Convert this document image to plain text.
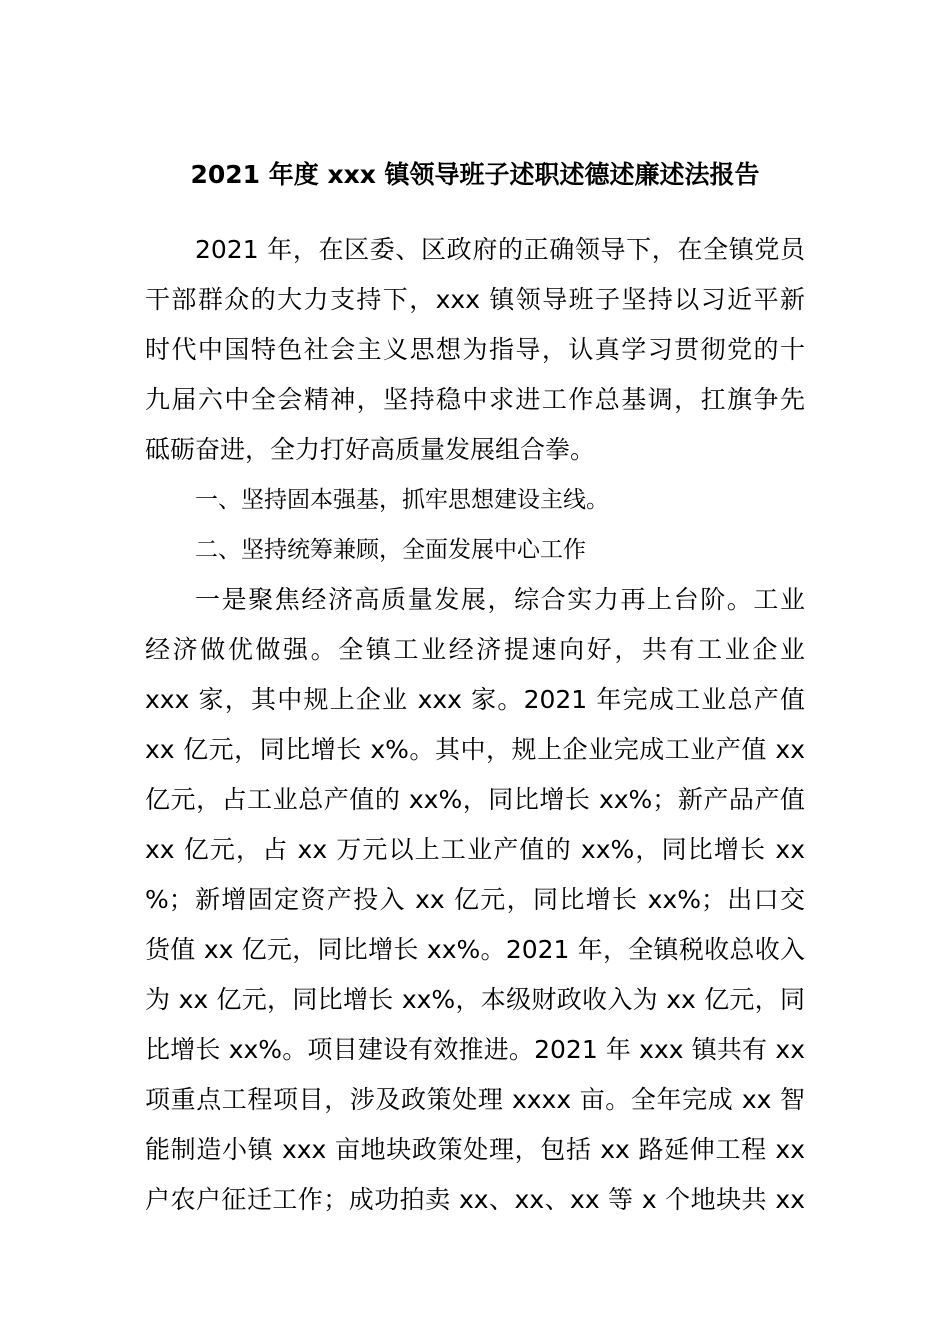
2021 年度 xxx 镇领导班子述职述德述廉述法报告
2021 年，在区委、区政府的正确领导下，在全镇党员
干部群众的大力支持下，xxx 镇领导班子坚持以习近平新
时代中国特色社会主义思想为指导，认真学习贯彻党的十
九届六中全会精神，坚持稳中求进工作总基调，扛旗争先
砥砺奋进，全力打好高质量发展组合拳。
一、坚持固本强基，抓牢思想建设主线。
二、坚持统筹兼顾，全面发展中心工作
一是聚焦经济高质量发展，综合实力再上台阶。工业
经济做优做强。全镇工业经济提速向好，共有工业企业
xxx 家，其中规上企业 xxx 家。2021 年完成工业总产值
xx 亿元，同比增长 x%。其中，规上企业完成工业产值 xx
亿元，占工业总产值的 xx%，同比增长 xx%；新产品产值
xx 亿元，占 xx 万元以上工业产值的 xx%，同比增长 xx
%；新增固定资产投入 xx 亿元，同比增长 xx%；出口交
货值 xx 亿元，同比增长 xx%。2021 年，全镇税收总收入
为 xx 亿元，同比增长 xx%，本级财政收入为 xx 亿元，同
比增长 xx%。项目建设有效推进。2021 年 xxx 镇共有 xx
项重点工程项目，涉及政策处理 xxxx 亩。全年完成 xx 智
能制造小镇 xxx 亩地块政策处理，包括 xx 路延伸工程 xx
户农户征迁工作；成功拍卖 xx、xx、xx 等 x 个地块共 xx
